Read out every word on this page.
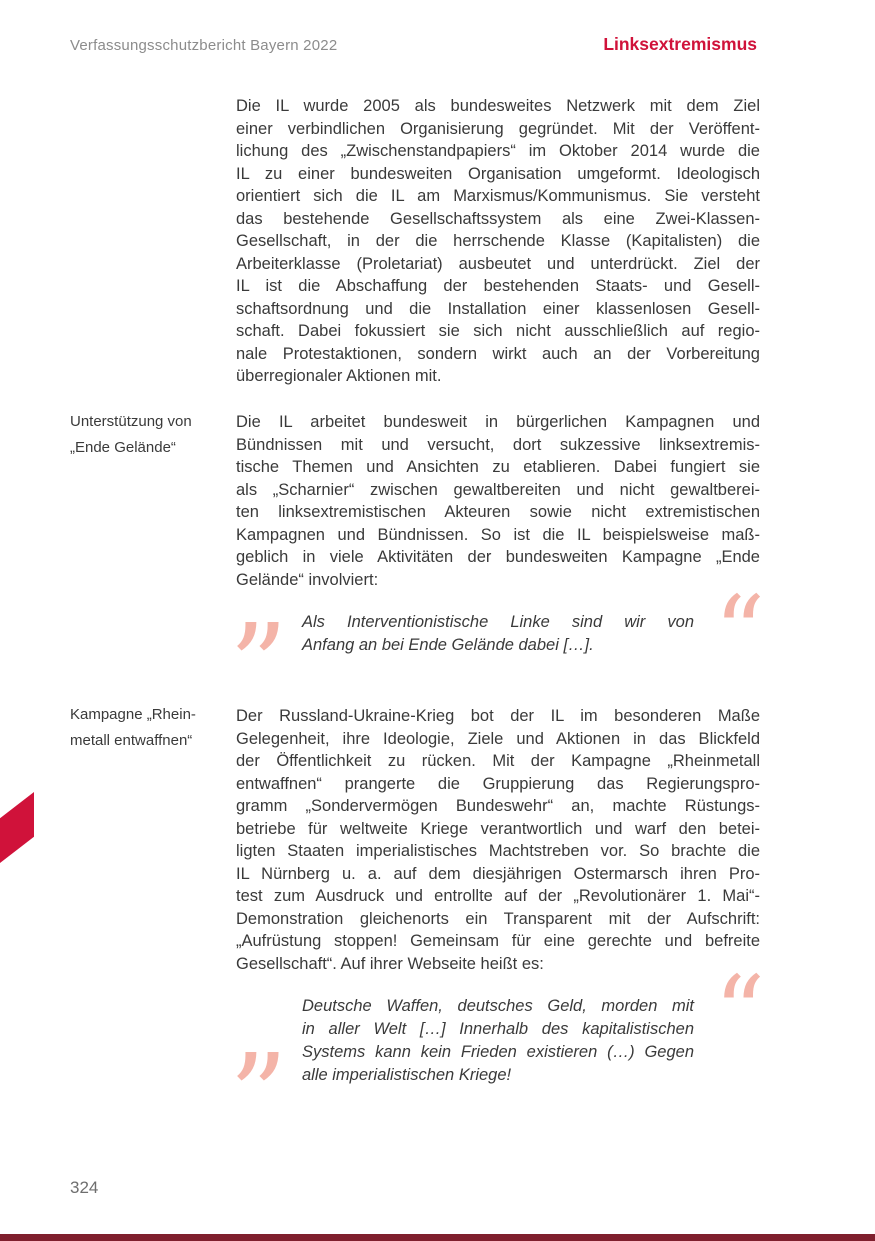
Verfassungsschutzbericht Bayern 2022	Linksextremismus
Die IL wurde 2005 als bundesweites Netzwerk mit dem Ziel
einer verbindlichen Organisierung gegründet. Mit der Veröffent-
lichung des „Zwischenstandpapiers“ im Oktober 2014 wurde die
IL zu einer bundesweiten Organisation umgeformt. Ideologisch
orientiert sich die IL am Marxismus/Kommunismus. Sie versteht
das bestehende Gesellschaftssystem als eine Zwei-Klassen-
Gesellschaft, in der die herrschende Klasse (Kapitalisten) die
Arbeiterklasse (Proletariat) ausbeutet und unterdrückt. Ziel der
IL ist die Abschaffung der bestehenden Staats- und Gesell-
schaftsordnung und die Installation einer klassenlosen Gesell-
schaft. Dabei fokussiert sie sich nicht ausschließlich auf regio-
nale Protestaktionen, sondern wirkt auch an der Vorbereitung
überregionaler Aktionen mit.
Unterstützung von
„Ende Gelände“
Die IL arbeitet bundesweit in bürgerlichen Kampagnen und
Bündnissen mit und versucht, dort sukzessive linksextremis-
tische Themen und Ansichten zu etablieren. Dabei fungiert sie
als „Scharnier“ zwischen gewaltbereiten und nicht gewaltberei-
ten linksextremistischen Akteuren sowie nicht extremistischen
Kampagnen und Bündnissen. So ist die IL beispielsweise maß-
geblich in viele Aktivitäten der bundesweiten Kampagne „Ende
Gelände“ involviert:	“
” Als Interventionistische Linke sind wir von
Anfang an bei Ende Gelände dabei […].
Kampagne „Rhein-
metall entwaffnen“
Der Russland-Ukraine-Krieg bot der IL im besonderen Maße
Gelegenheit, ihre Ideologie, Ziele und Aktionen in das Blickfeld
der Öffentlichkeit zu rücken. Mit der Kampagne „Rheinmetall
entwaffnen“ prangerte die Gruppierung das Regierungspro-
gramm „Sondervermögen Bundeswehr“ an, machte Rüstungs-
betriebe für weltweite Kriege verantwortlich und warf den betei-
ligten Staaten imperialistisches Machtstreben vor. So brachte die
IL Nürnberg u. a. auf dem diesjährigen Ostermarsch ihren Pro-
test zum Ausdruck und entrollte auf der „Revolutionärer 1. Mai“-
Demonstration gleichenorts ein Transparent mit der Aufschrift:
„Aufrüstung stoppen! Gemeinsam für eine gerechte und befreite
Gesellschaft“. Auf ihrer Webseite heißt es:	“
”
Deutsche Waffen, deutsches Geld, morden mit
in aller Welt […] Innerhalb des kapitalistischen
Systems kann kein Frieden existieren (…) Gegen
alle imperialistischen Kriege!
324
